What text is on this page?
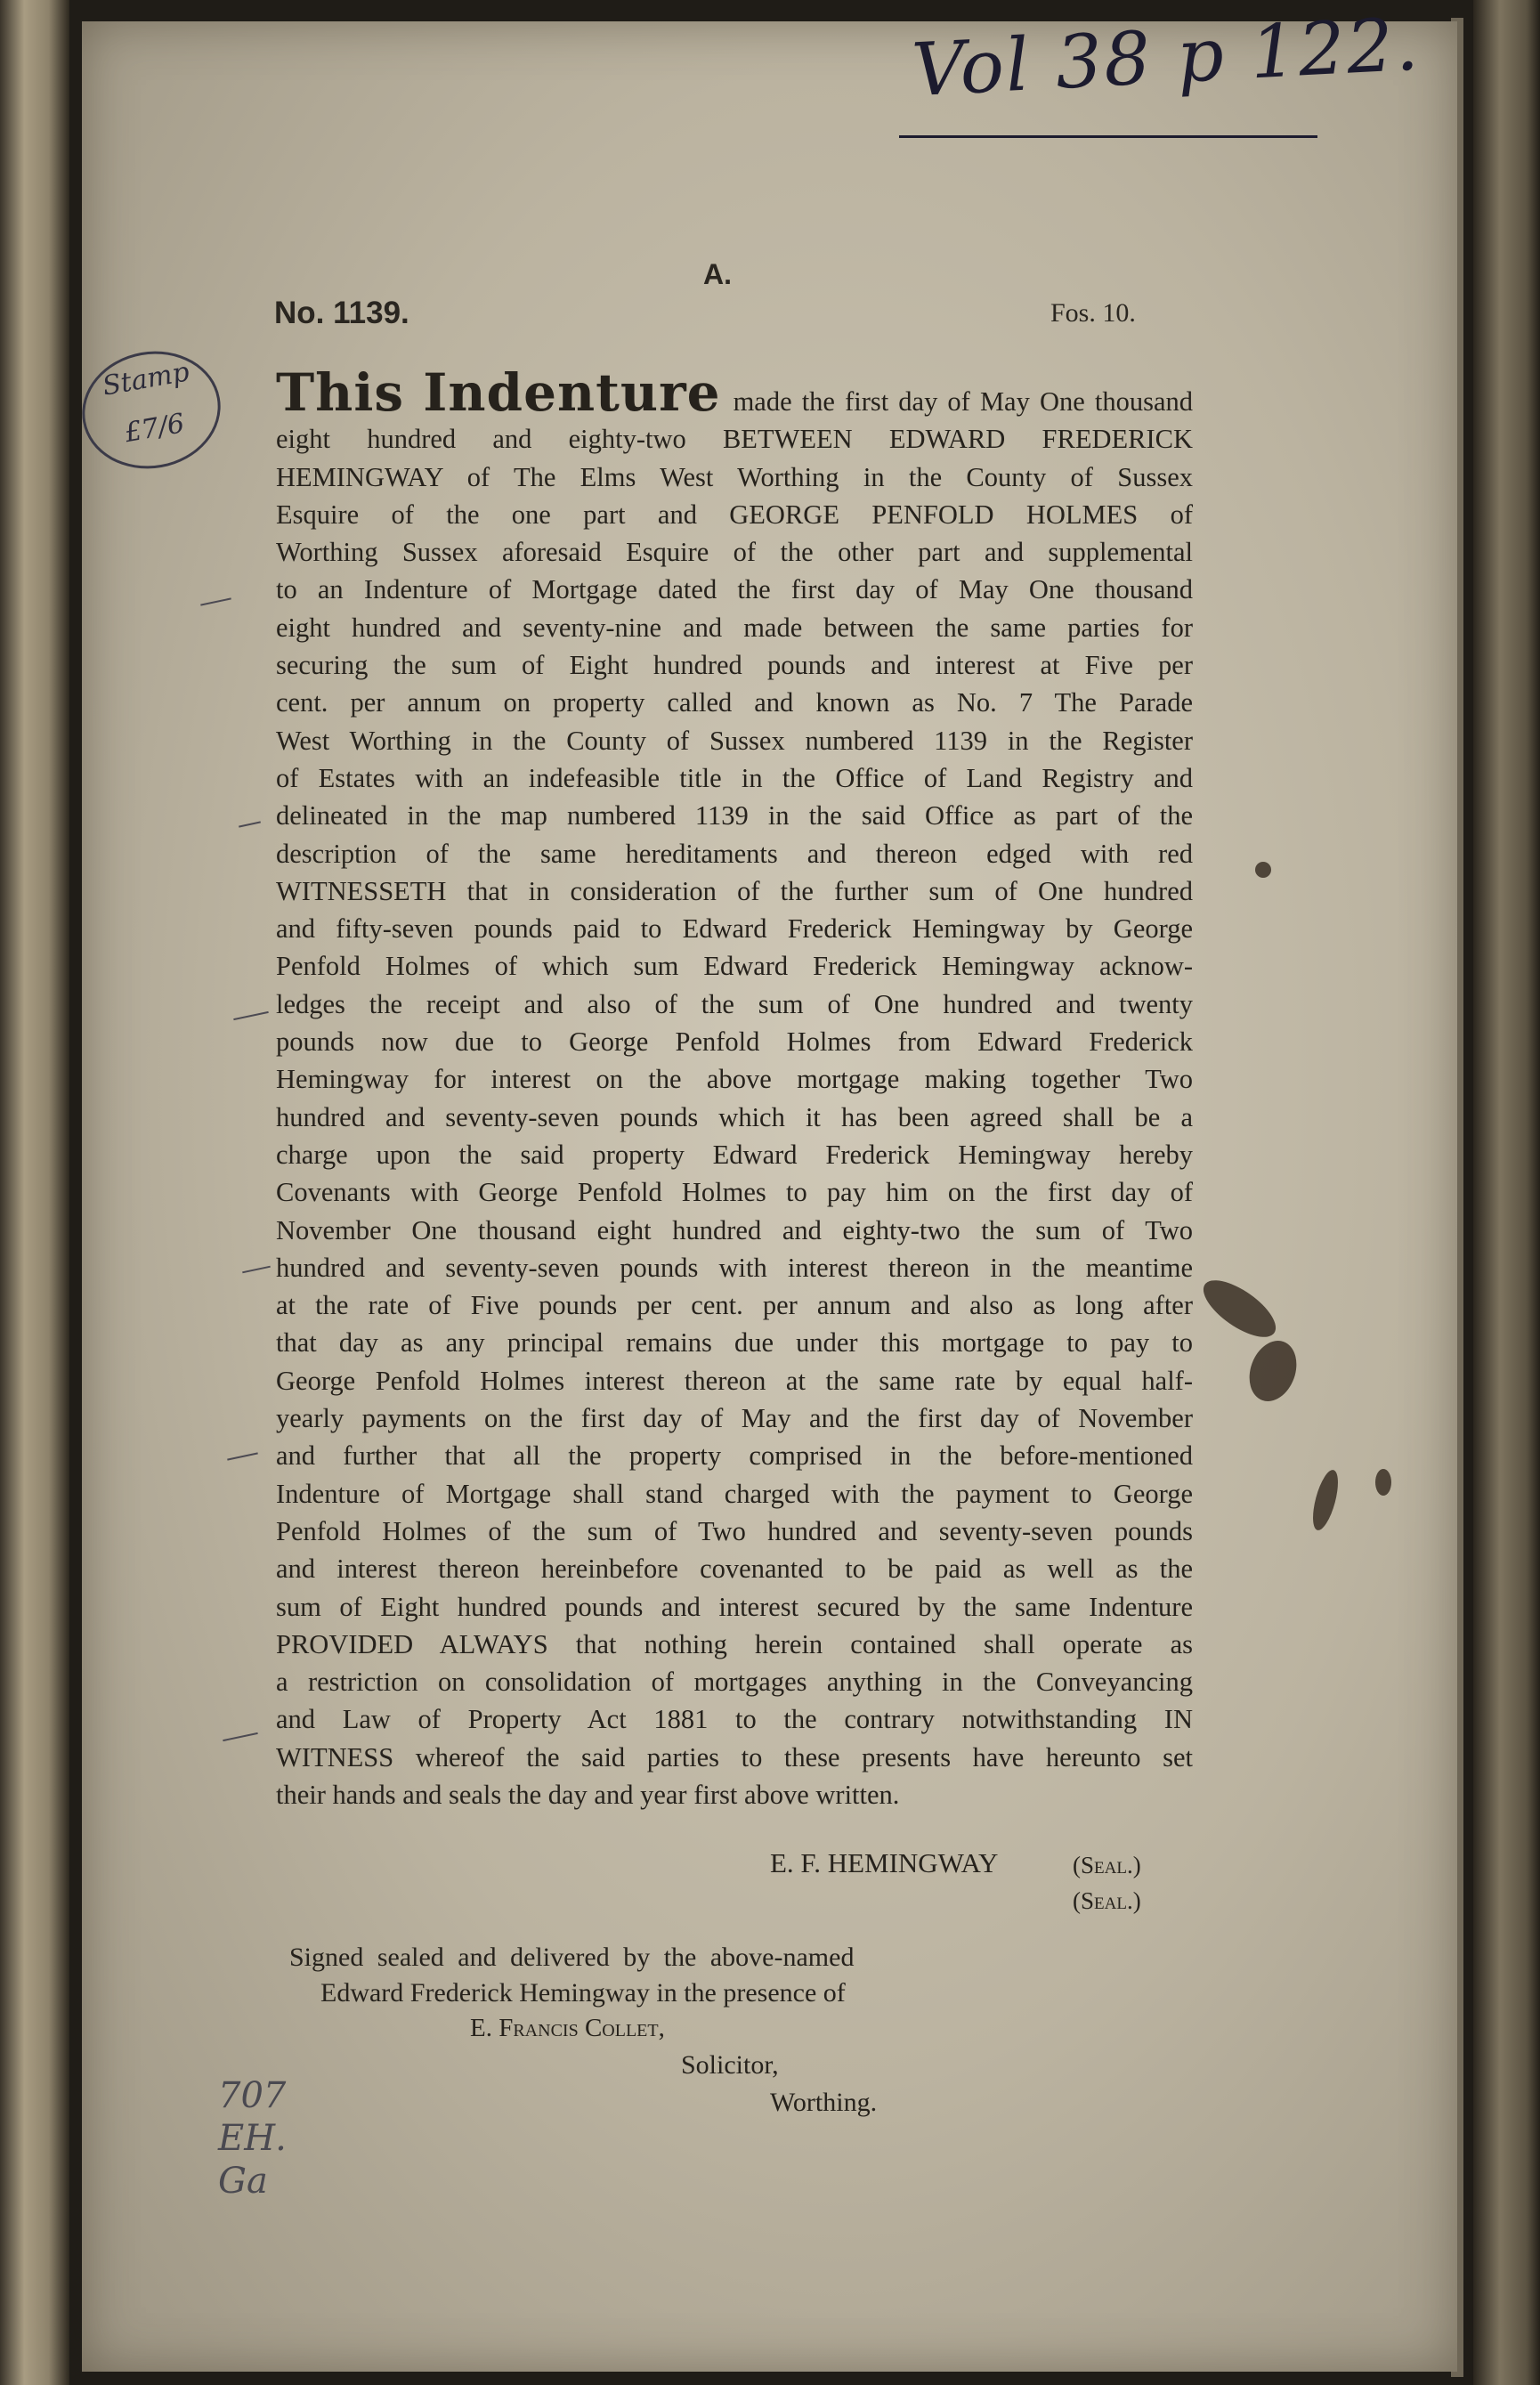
Vol 38 p 122.
A.
No. 1139.	Fos. 10.
Stamp
£7/6
This Indenture made the first day of May One thousand
eight hundred and eighty-two BETWEEN EDWARD FREDERICK
HEMINGWAY of The Elms West Worthing in the County of Sussex
Esquire of the one part and GEORGE PENFOLD HOLMES of
Worthing Sussex aforesaid Esquire of the other part and supplemental
to an Indenture of Mortgage dated the first day of May One thousand
eight hundred and seventy-nine and made between the same parties for
securing the sum of Eight hundred pounds and interest at Five per
cent. per annum on property called and known as No. 7 The Parade
West Worthing in the County of Sussex numbered 1139 in the Register
of Estates with an indefeasible title in the Office of Land Registry and
delineated in the map numbered 1139 in the said Office as part of the
description of the same hereditaments and thereon edged with red
WITNESSETH that in consideration of the further sum of One hundred
and fifty-seven pounds paid to Edward Frederick Hemingway by George
Penfold Holmes of which sum Edward Frederick Hemingway acknow-
ledges the receipt and also of the sum of One hundred and twenty
pounds now due to George Penfold Holmes from Edward Frederick
Hemingway for interest on the above mortgage making together Two
hundred and seventy-seven pounds which it has been agreed shall be a
charge upon the said property Edward Frederick Hemingway hereby
Covenants with George Penfold Holmes to pay him on the first day of
November One thousand eight hundred and eighty-two the sum of Two
hundred and seventy-seven pounds with interest thereon in the meantime
at the rate of Five pounds per cent. per annum and also as long after
that day as any principal remains due under this mortgage to pay to
George Penfold Holmes interest thereon at the same rate by equal half-
yearly payments on the first day of May and the first day of November
and further that all the property comprised in the before-mentioned
Indenture of Mortgage shall stand charged with the payment to George
Penfold Holmes of the sum of Two hundred and seventy-seven pounds
and interest thereon hereinbefore covenanted to be paid as well as the
sum of Eight hundred pounds and interest secured by the same Indenture
PROVIDED ALWAYS that nothing herein contained shall operate as
a restriction on consolidation of mortgages anything in the Conveyancing
and Law of Property Act 1881 to the contrary notwithstanding IN
WITNESS whereof the said parties to these presents have hereunto set
their hands and seals the day and year first above written.
E. F. HEMINGWAY	(Seal.)
(Seal.)
Signed sealed and delivered by the above-named
Edward Frederick Hemingway in the presence of
E. Francis Collet,
Solicitor,
Worthing.
707
EH.
Ga
